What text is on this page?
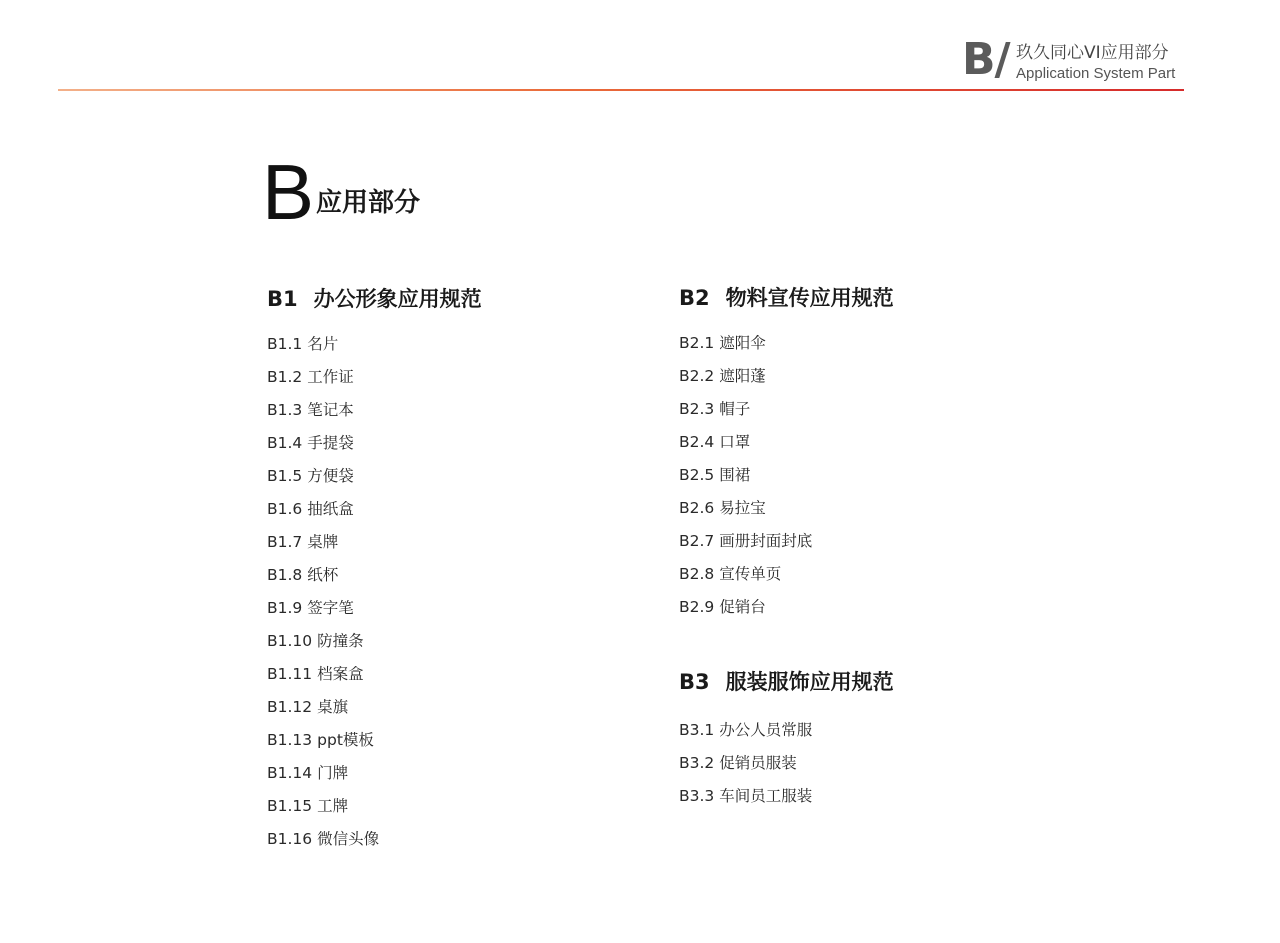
B/ 玖久同心VI应用部分
Application System Part
B 应用部分
B1 办公形象应用规范
B1.1 名片
B1.2 工作证
B1.3 笔记本
B1.4 手提袋
B1.5 方便袋
B1.6 抽纸盒
B1.7 桌牌
B1.8 纸杯
B1.9 签字笔
B1.10 防撞条
B1.11 档案盒
B1.12 桌旗
B1.13 ppt模板
B1.14 门牌
B1.15 工牌
B1.16 微信头像
B2 物料宣传应用规范
B2.1 遮阳伞
B2.2 遮阳蓬
B2.3 帽子
B2.4 口罩
B2.5 围裙
B2.6 易拉宝
B2.7 画册封面封底
B2.8 宣传单页
B2.9 促销台
B3 服装服饰应用规范
B3.1 办公人员常服
B3.2 促销员服装
B3.3 车间员工服装
